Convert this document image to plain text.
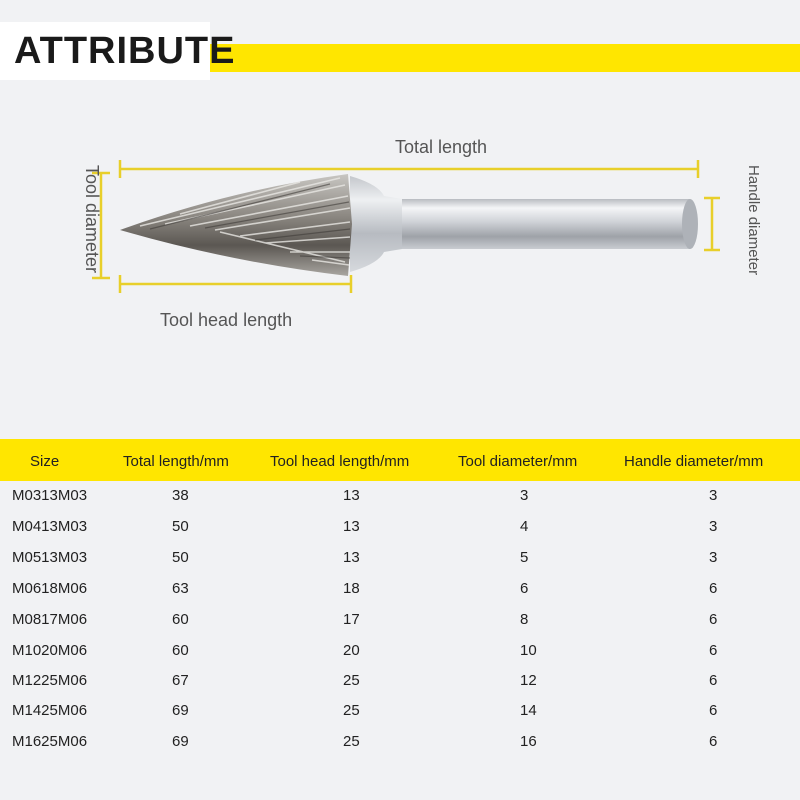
ATTRIBUTE
Total length
Tool head length
Tool diameter	Handle diameter
Size	Total length/mm	Tool head length/mm	Tool diameter/mm	Handle diameter/mm
M0313M03	38	13	3	3
M0413M03	50	13	4	3
M0513M03	50	13	5	3
M0618M06	63	18	6	6
M0817M06	60	17	8	6
M1020M06	60	20	10	6
M1225M06	67	25	12	6
M1425M06	69	25	14	6
M1625M06	69	25	16	6
